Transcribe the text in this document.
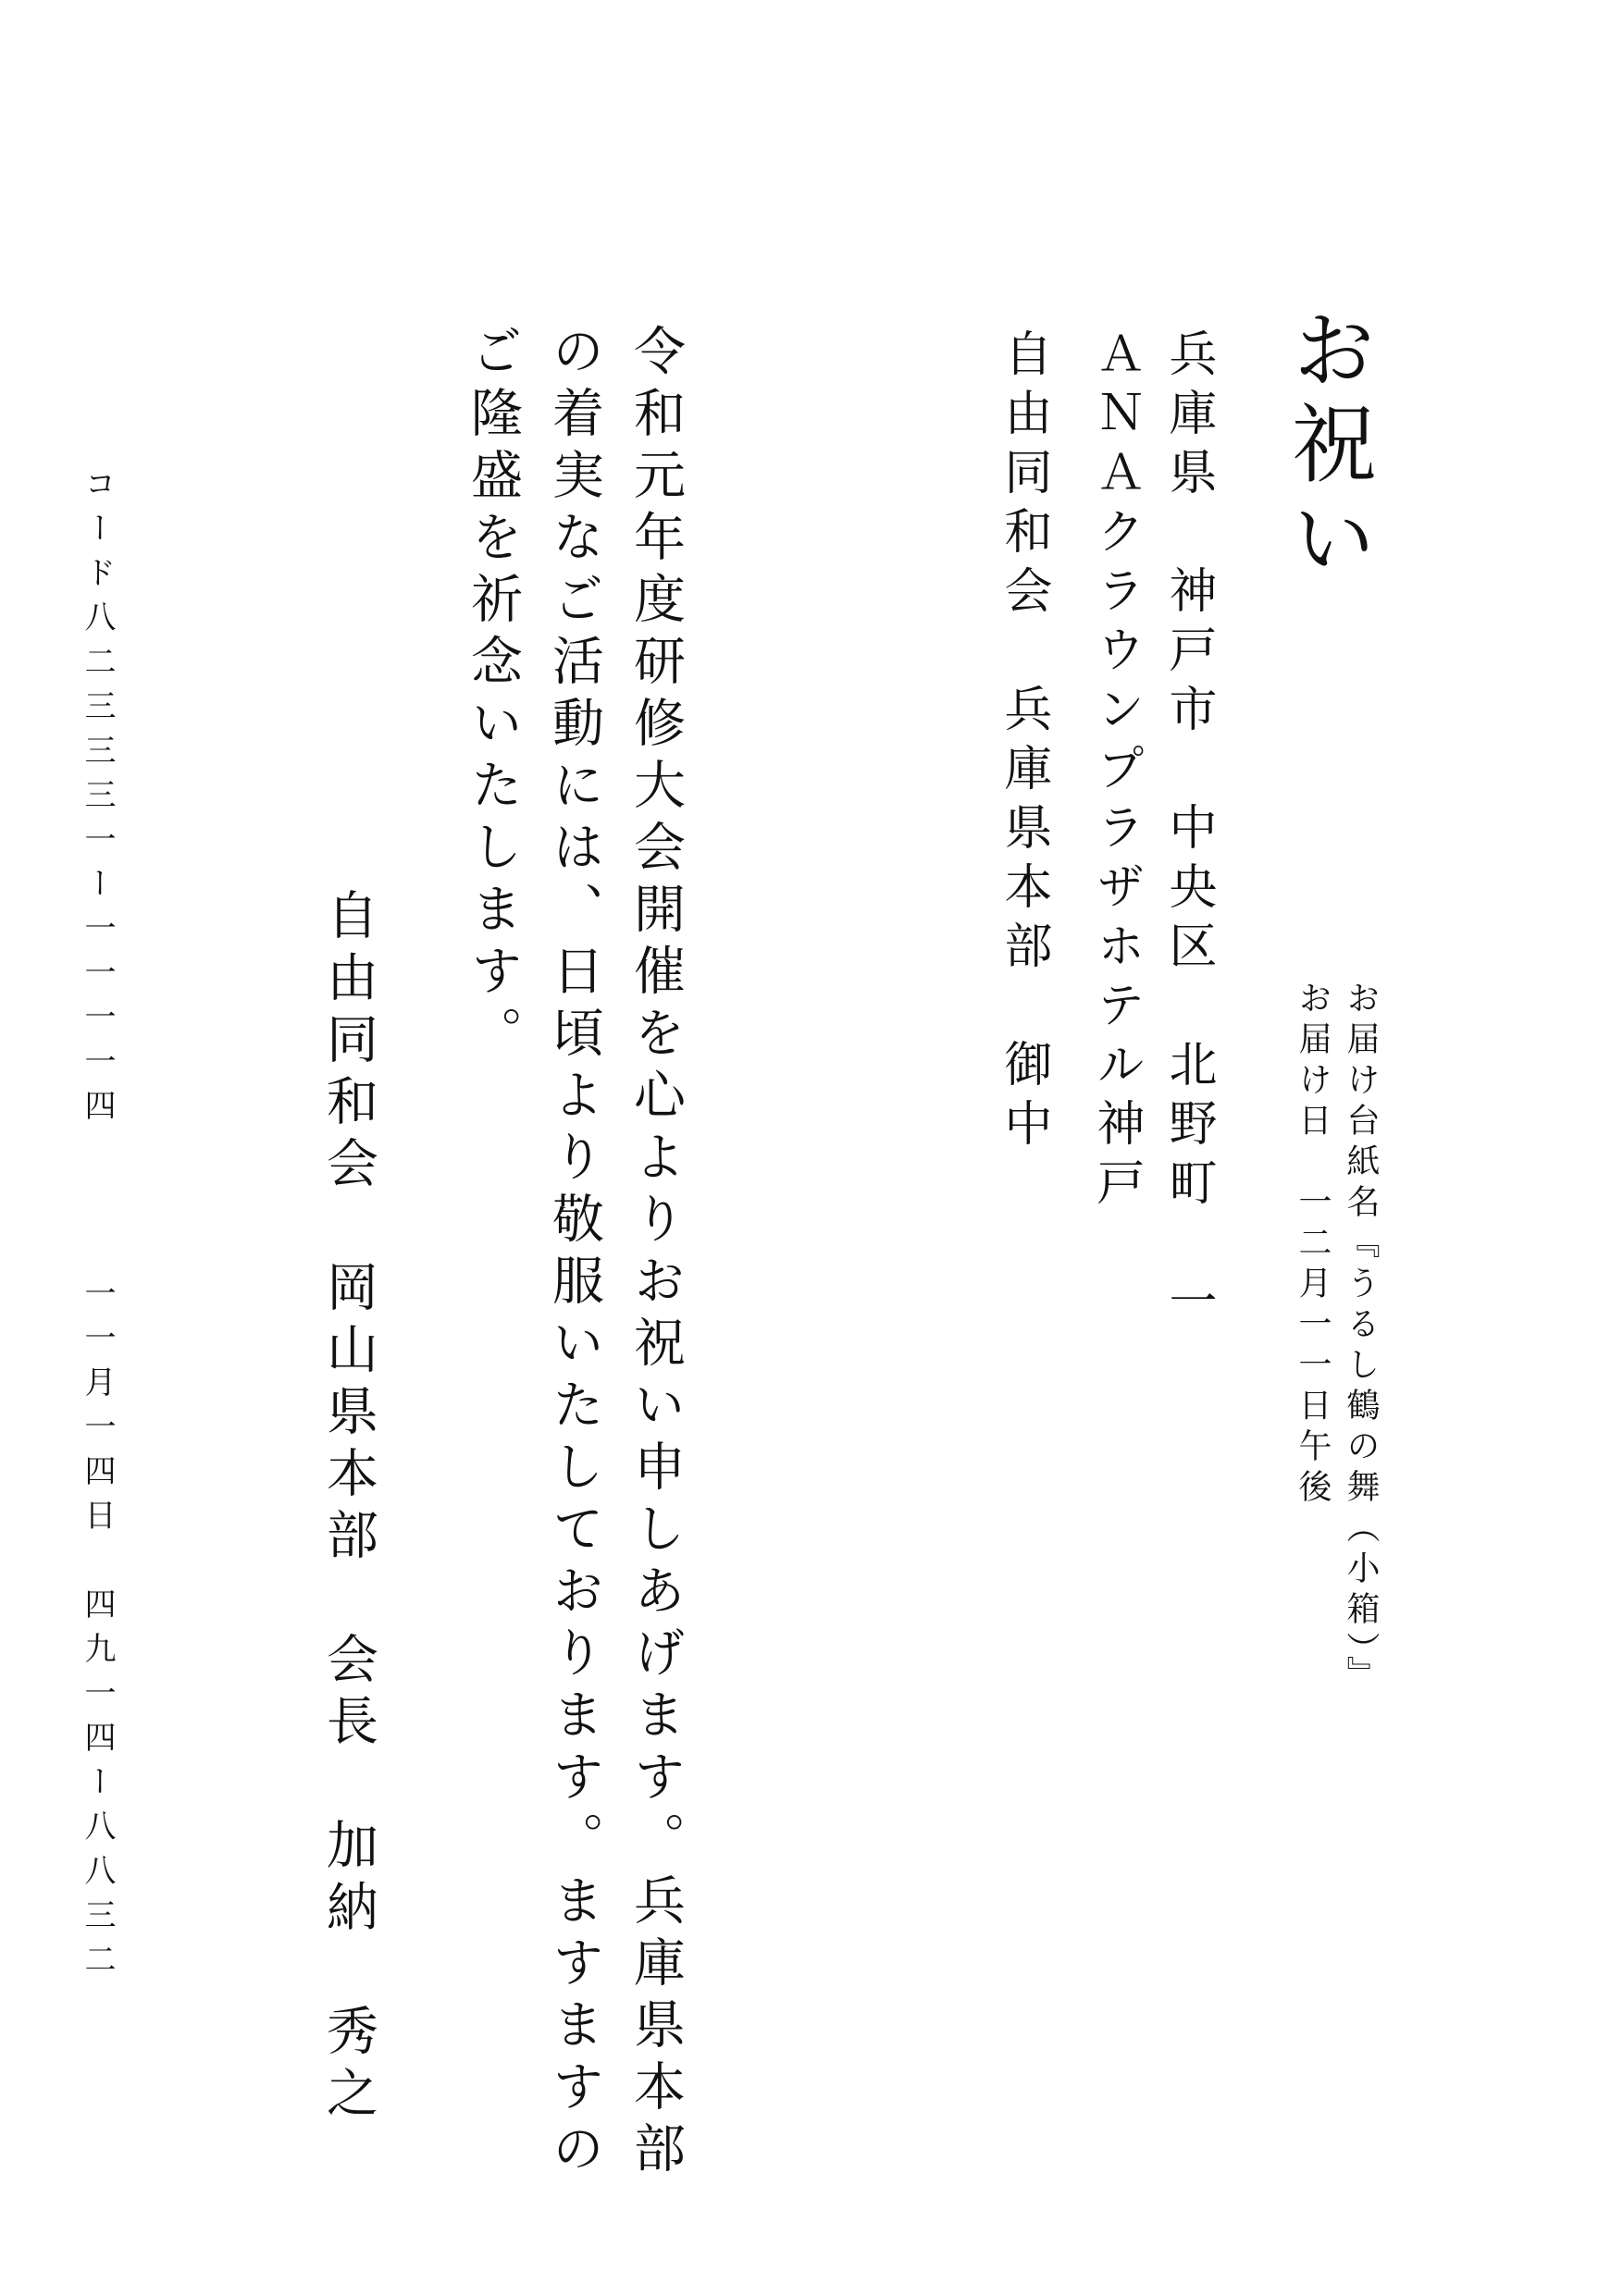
お祝い
お届け台紙名『うるし鶴の舞（小箱）』
お届け日　一二月一一日午後
兵庫県　神戸市　中央区　北野町　一
ＡＮＡクラウンプラザホテル神戸
自由同和会　兵庫県本部　御中
令和元年度研修大会開催を心よりお祝い申しあげます。兵庫県本部
の着実なご活動には、日頃より敬服いたしております。ますますの
ご隆盛を祈念いたします。
自由同和会　岡山県本部　会長　加納　秀之
コード八二三三三一ー一一一一四
一一月一四日　四九一四ー八八三二
